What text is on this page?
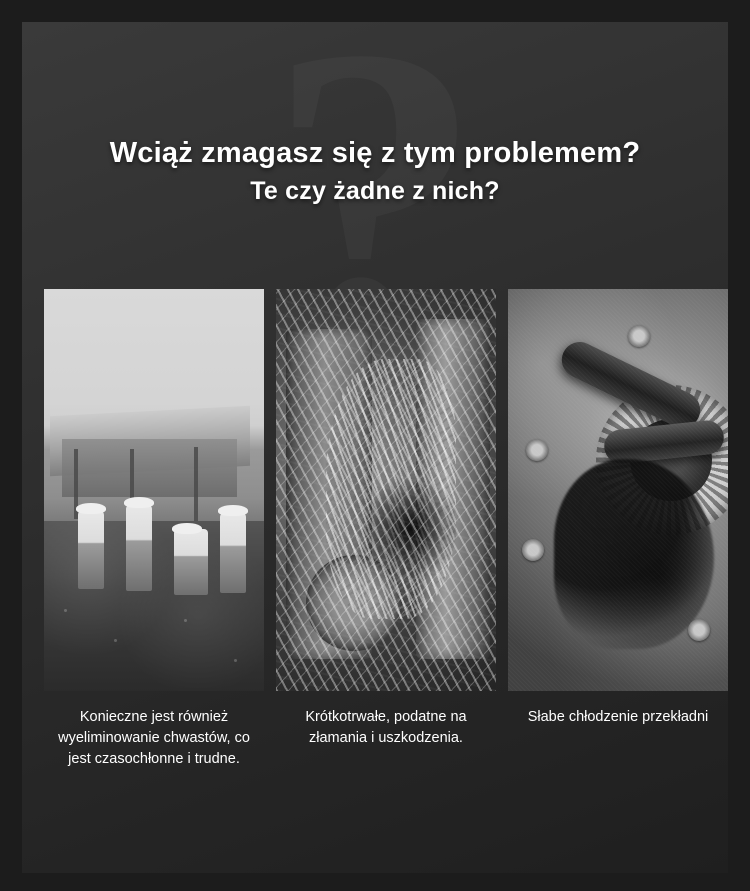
Wciąż zmagasz się z tym problemem?
Te czy żadne z nich?
Konieczne jest również wyeliminowanie chwastów, co jest czasochłonne i trudne.
Krótkotrwałe, podatne na złamania i uszkodzenia.
Słabe chłodzenie przekładni
